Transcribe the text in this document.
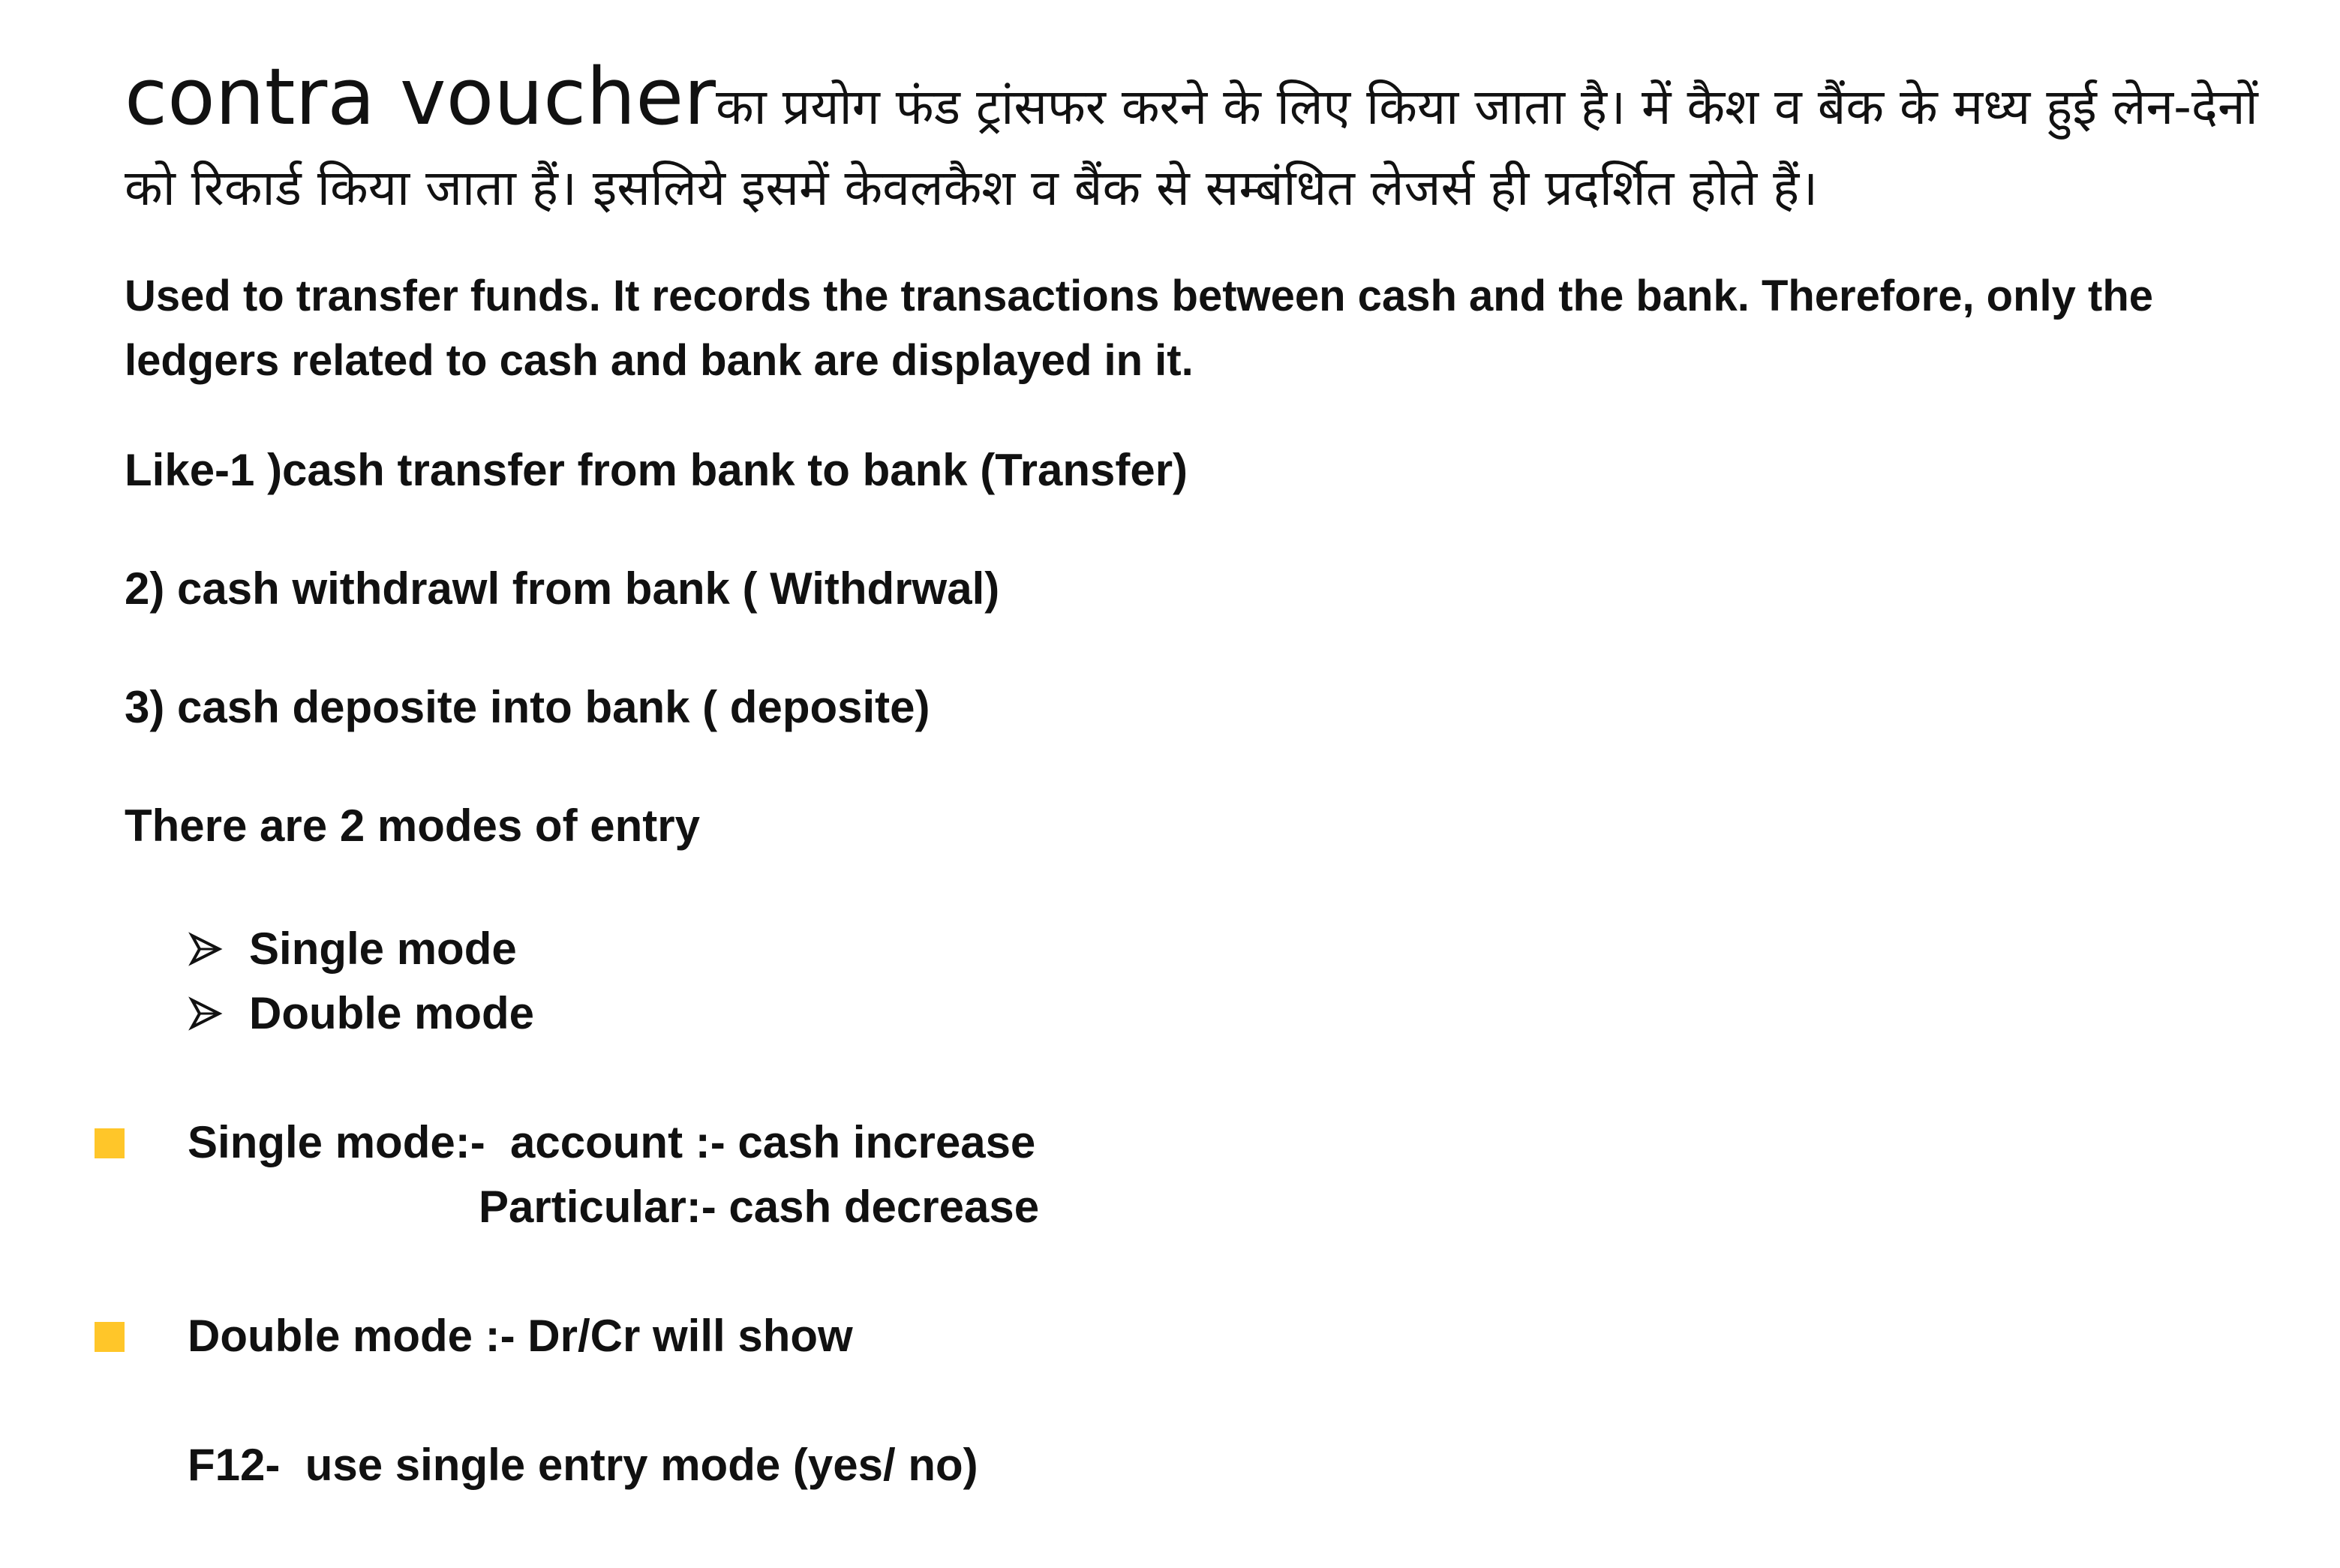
contra voucherका प्रयोग फंड ट्रांसफर करने के लिए किया जाता है। में कैश व बैंक के मध्य हुई लेन-देनों
को रिकार्ड किया जाता हैं। इसलिये इसमें केवलकैश व बैंक से सम्बंधित लेजर्स ही प्रदर्शित होते हैं।
Used to transfer funds. It records the transactions between cash and the bank. Therefore, only the ledgers related to cash and bank are displayed in it.
Like-1 )cash transfer from bank to bank (Transfer)
2) cash withdrawl from bank ( Withdrwal)
3) cash deposite into bank ( deposite)
There are 2 modes of entry
Single mode
Double mode
Single mode:-  account :- cash increase
Particular:- cash decrease
Double mode :- Dr/Cr will show
F12-  use single entry mode (yes/ no)
